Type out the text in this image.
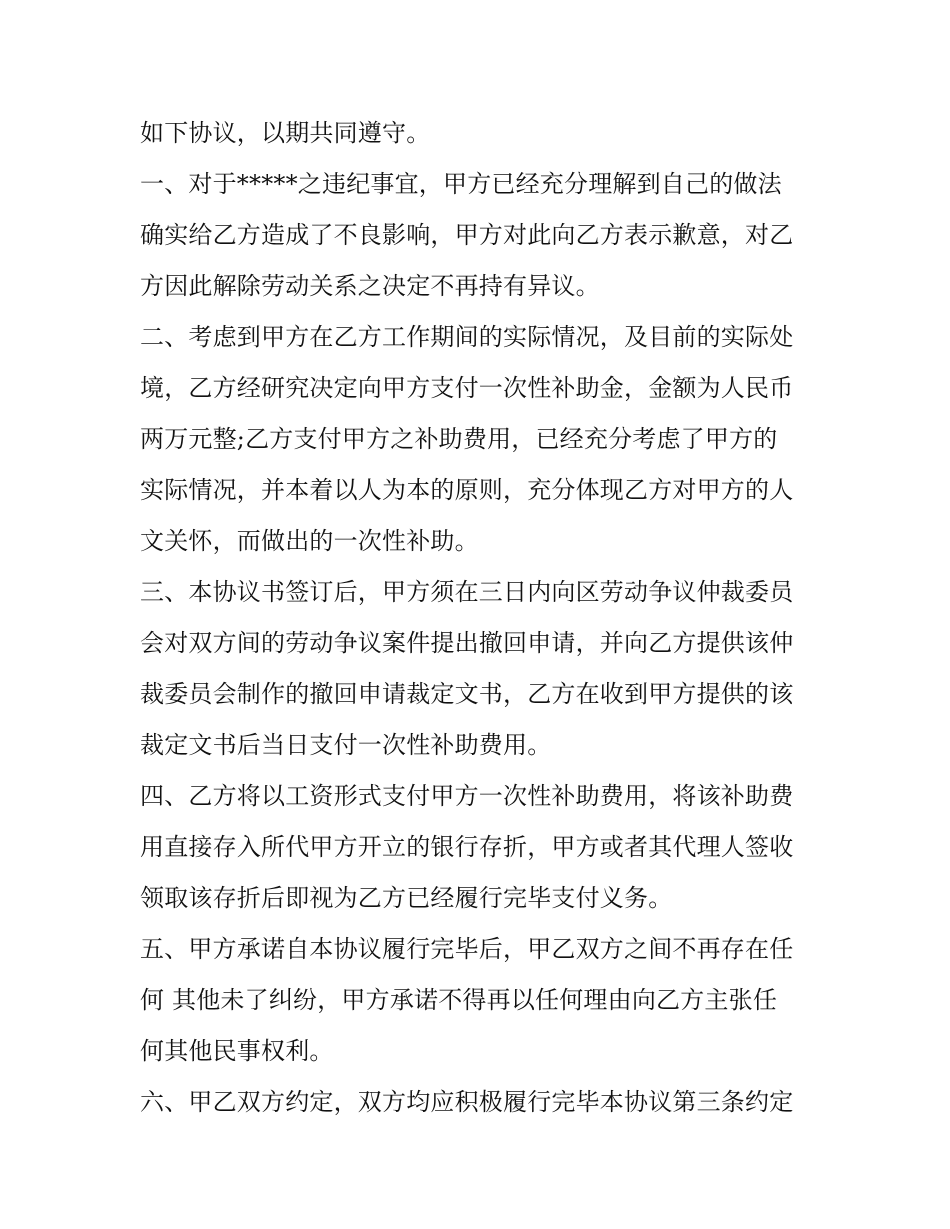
如下协议，以期共同遵守。
一、对于*****之违纪事宜，甲方已经充分理解到自己的做法
确实给乙方造成了不良影响，甲方对此向乙方表示歉意，对乙
方因此解除劳动关系之决定不再持有异议。
二、考虑到甲方在乙方工作期间的实际情况，及目前的实际处
境，乙方经研究决定向甲方支付一次性补助金，金额为人民币
两万元整;乙方支付甲方之补助费用，已经充分考虑了甲方的
实际情况，并本着以人为本的原则，充分体现乙方对甲方的人
文关怀，而做出的一次性补助。
三、本协议书签订后，甲方须在三日内向区劳动争议仲裁委员
会对双方间的劳动争议案件提出撤回申请，并向乙方提供该仲
裁委员会制作的撤回申请裁定文书，乙方在收到甲方提供的该
裁定文书后当日支付一次性补助费用。
四、乙方将以工资形式支付甲方一次性补助费用，将该补助费
用直接存入所代甲方开立的银行存折，甲方或者其代理人签收
领取该存折后即视为乙方已经履行完毕支付义务。
五、甲方承诺自本协议履行完毕后，甲乙双方之间不再存在任
何 其他未了纠纷，甲方承诺不得再以任何理由向乙方主张任
何其他民事权利。
六、甲乙双方约定，双方均应积极履行完毕本协议第三条约定
